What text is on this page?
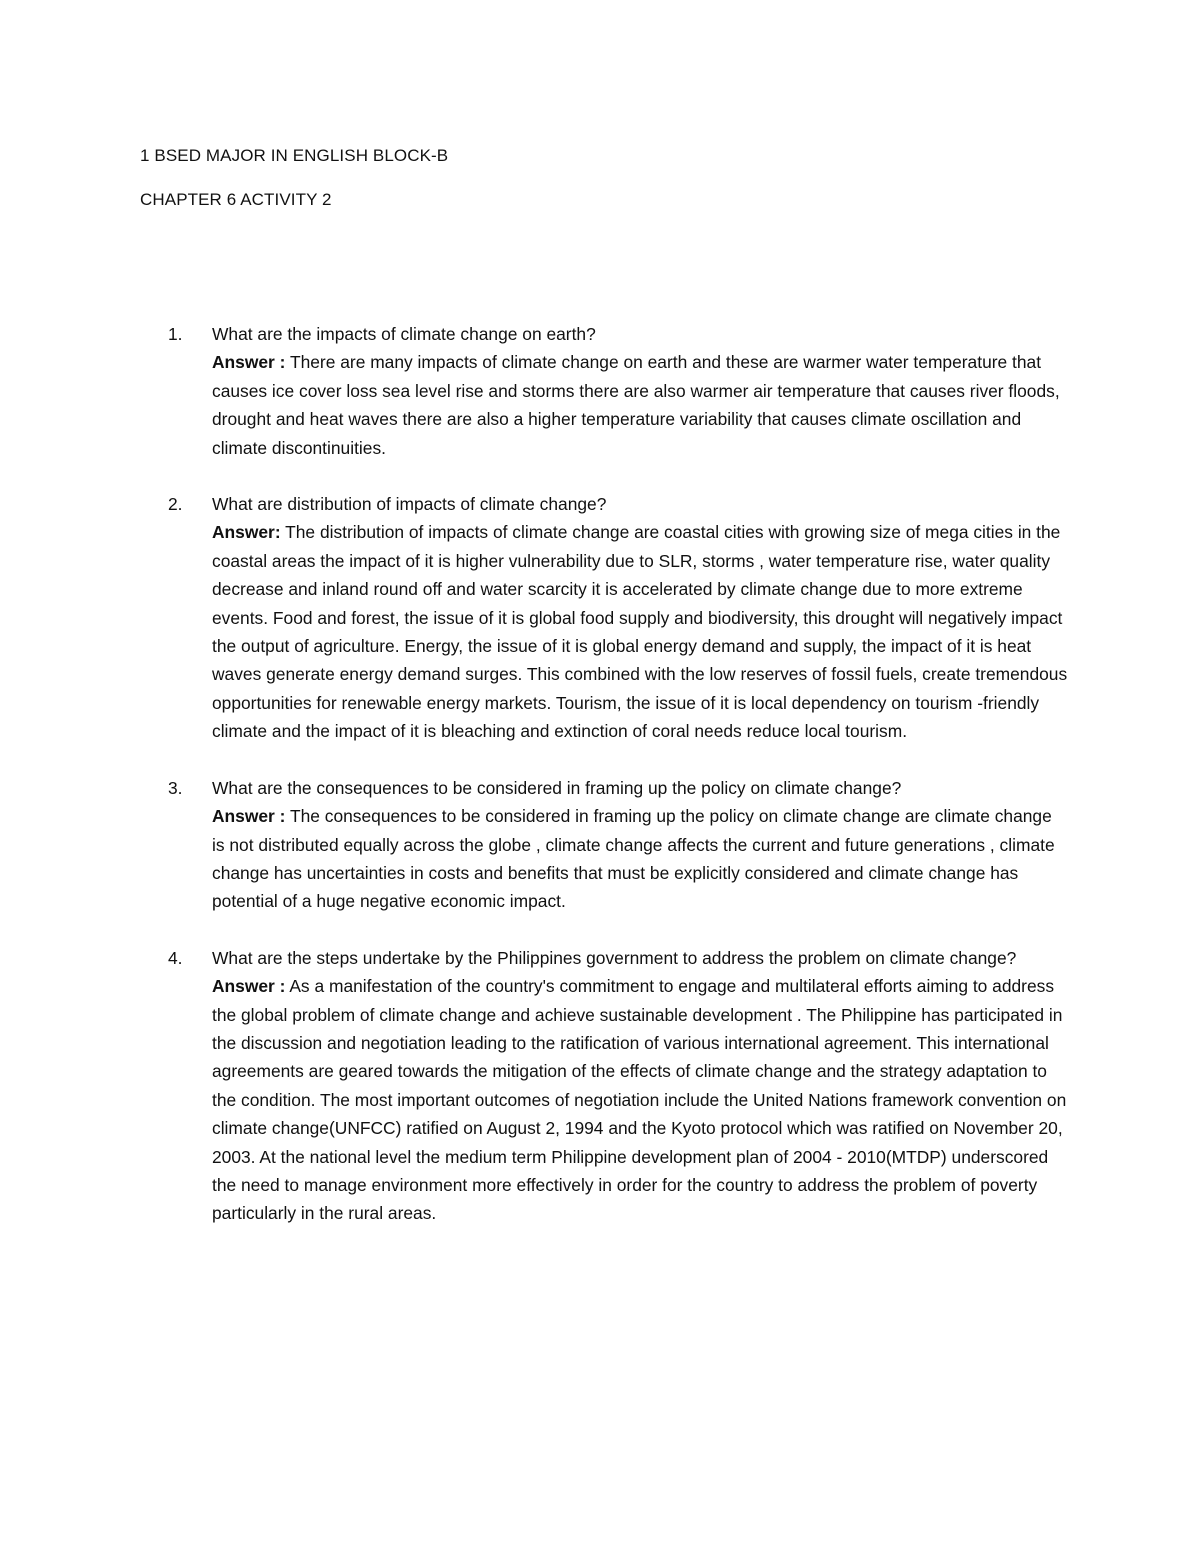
1 BSED MAJOR IN ENGLISH BLOCK-B
CHAPTER 6 ACTIVITY 2
1. What are the impacts of climate change on earth?
Answer : There are many impacts of climate change on earth and these are warmer water temperature that causes ice cover loss sea level rise and storms there are also warmer air temperature that causes river floods, drought and heat waves there are also a higher temperature variability that causes climate oscillation and climate discontinuities.
2. What are distribution of impacts of climate change?
Answer: The distribution of impacts of climate change are coastal cities with growing size of mega cities in the coastal areas the impact of it is higher vulnerability due to SLR, storms , water temperature rise, water quality decrease and inland round off and water scarcity it is accelerated by climate change due to more extreme events. Food and forest, the issue of it is global food supply and biodiversity, this drought will negatively impact the output of agriculture. Energy, the issue of it is global energy demand and supply, the impact of it is heat waves generate energy demand surges. This combined with the low reserves of fossil fuels, create tremendous opportunities for renewable energy markets. Tourism, the issue of it is local dependency on tourism -friendly climate and the impact of it is bleaching and extinction of coral needs reduce local tourism.
3. What are the consequences to be considered in framing up the policy on climate change?
Answer : The consequences to be considered in framing up the policy on climate change are climate change is not distributed equally across the globe , climate change affects the current and future generations , climate change has uncertainties in costs and benefits that must be explicitly considered and climate change has potential of a huge negative economic impact.
4. What are the steps undertake by the Philippines government to address the problem on climate change?
Answer : As a manifestation of the country's commitment to engage and multilateral efforts aiming to address the global problem of climate change and achieve sustainable development . The Philippine has participated in the discussion and negotiation leading to the ratification of various international agreement. This international agreements are geared towards the mitigation of the effects of climate change and the strategy adaptation to the condition. The most important outcomes of negotiation include the United Nations framework convention on climate change(UNFCC) ratified on August 2, 1994 and the Kyoto protocol which was ratified on November 20, 2003. At the national level the medium term Philippine development plan of 2004 - 2010(MTDP) underscored the need to manage environment more effectively in order for the country to address the problem of poverty particularly in the rural areas.
